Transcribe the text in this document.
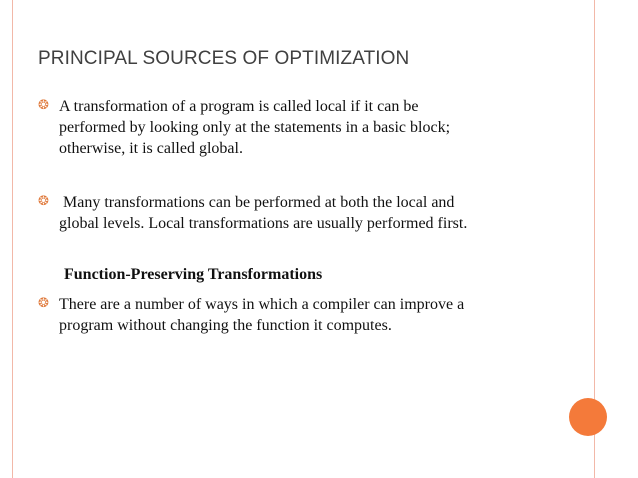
PRINCIPAL SOURCES OF OPTIMIZATION
❂ A transformation of a program is called local if it can be
performed by looking only at the statements in a basic block;
otherwise, it is called global.
❂ Many transformations can be performed at both the local and
global levels. Local transformations are usually performed first.
Function-Preserving Transformations
❂ There are a number of ways in which a compiler can improve a
program without changing the function it computes.
